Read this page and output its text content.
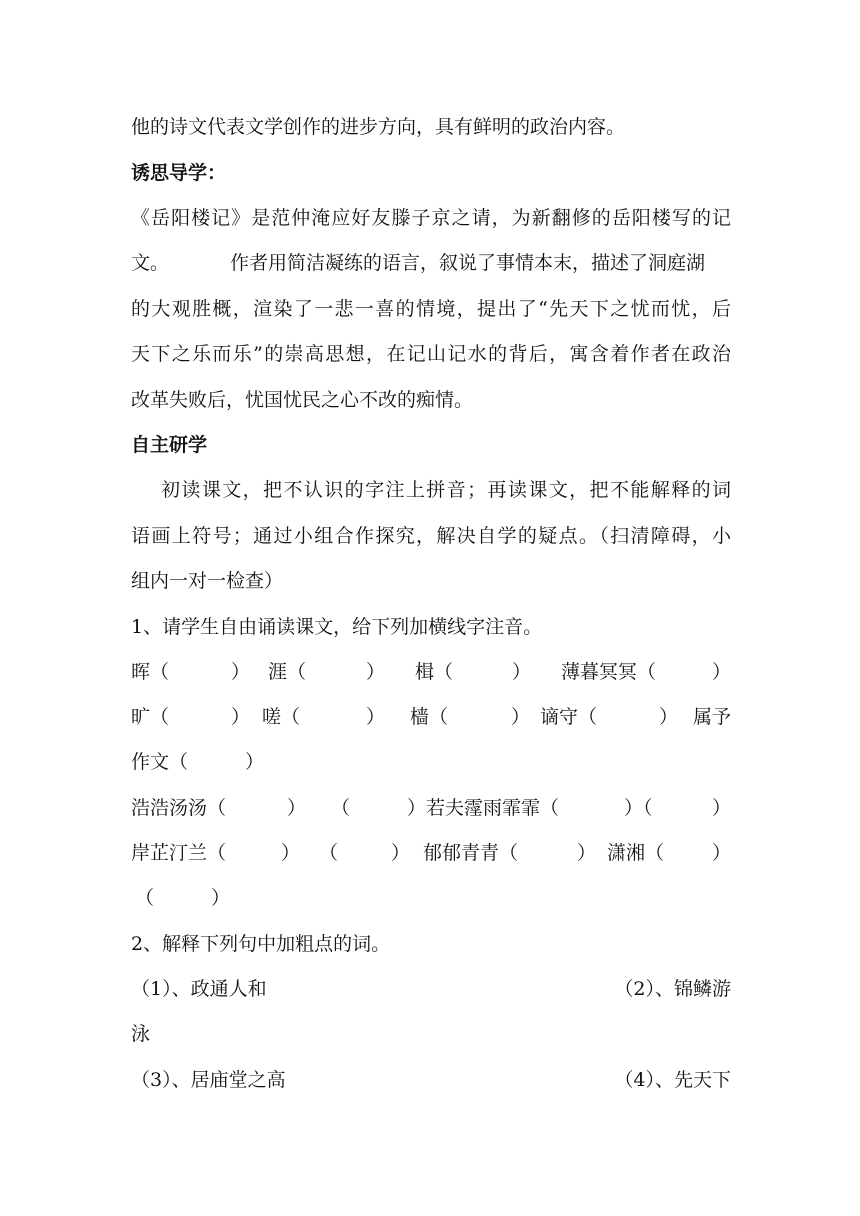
他的诗文代表文学创作的进步方向，具有鲜明的政治内容。
诱思导学：
《岳阳楼记》是范仲淹应好友滕子京之请，为新翻修的岳阳楼写的记
文。	作者用简洁凝练的语言，叙说了事情本末，描述了洞庭湖
的大观胜概，渲染了一悲一喜的情境，提出了“先天下之忧而忧，后
天下之乐而乐”的崇高思想，在记山记水的背后，寓含着作者在政治
改革失败后，忧国忧民之心不改的痴情。
自主研学
初读课文，把不认识的字注上拼音；再读课文，把不能解释的词
语画上符号；通过小组合作探究，解决自学的疑点。（扫清障碍，小
组内一对一检查）
1、请学生自由诵读课文，给下列加横线字注音。
晖（	） 涯（	） 楫（	） 薄暮冥冥（	）
旷（	） 嗟（	） 樯（	） 谪守（	） 属予
作文（　　　）
浩浩汤汤（	） （	）若夫霪雨霏霏（	）（	）
岸芷汀兰（	） （	） 郁郁青青（	） 潇湘（	）
（　　　）
2、解释下列句中加粗点的词。
（1）、政通人和	（2）、锦鳞游
泳
（3）、居庙堂之高	（4）、先天下
